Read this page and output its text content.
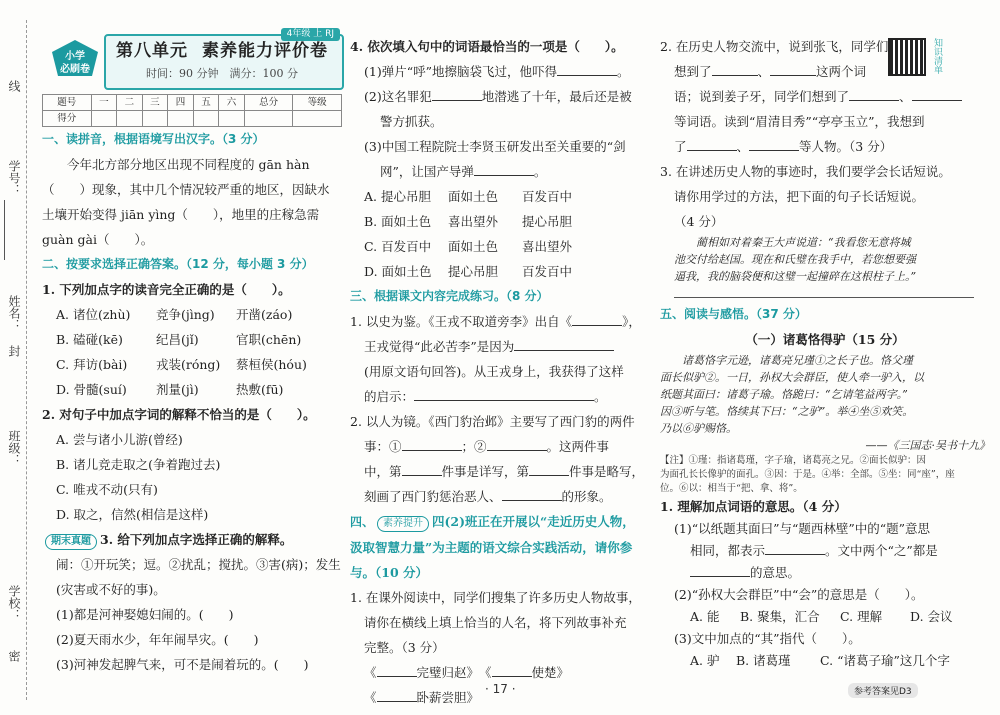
线
学号：
姓名：
封
班级：
学校：
密
小学
必刷卷
第八单元 素养能力评价卷
时间：90 分钟　满分：100 分
4年级 上 RJ
题号	一	二	三	四	五	六	总分	等级
得分								

一、读拼音，根据语境写出汉字。（3 分）

今年北方部分地区出现不同程度的 gān hàn

（　　）现象，其中几个情况较严重的地区，因缺水

土壤开始变得 jiān yìng（　　），地里的庄稼急需

guàn gài（　　）。

二、按要求选择正确答案。（12 分，每小题 3 分）

1. 下列加点字的读音完全正确的是（　　）。

A. 诸位(zhù) 竞争(jìng) 开凿(záo)
B. 磕碰(kē)	纪昌(jǐ)	官职(chēn)
C. 拜访(bài) 戎装(róng) 蔡桓侯(hóu)
D. 骨髓(suí) 剂量(jì)	热敷(fū)

2. 对句子中加点字词的解释不恰当的是（　　）。

A. 尝与诸小儿游(曾经)

B. 诸儿竞走取之(争着跑过去)

C. 唯戎不动(只有)

D. 取之，信然(相信是这样)

期末真题 3. 给下列加点字选择正确的解释。

闹：①开玩笑；逗。②扰乱；搅扰。③害(病)；发生

(灾害或不好的事)。

(1)都是河神娶媳妇闹的。(　　)

(2)夏天雨水少，年年闹旱灾。(　　)

(3)河神发起脾气来，可不是闹着玩的。(　　)

4. 依次填入句中的词语最恰当的一项是（　　）。

(1)弹片“呼”地擦脑袋飞过，他吓得	。

(2)这名罪犯	地潜逃了十年，最后还是被

警方抓获。

(3)中国工程院院士李贤玉研发出至关重要的“剑

网”，让国产导弹	。

A. 提心吊胆 面如土色 百发百中
B. 面如土色 喜出望外 提心吊胆
C. 百发百中 面如土色 喜出望外
D. 面如土色 提心吊胆 百发百中

三、根据课文内容完成练习。（8 分）

1. 以史为鉴。《王戎不取道旁李》出自《	》，

王戎觉得“此必苦李”是因为

(用原文语句回答)。从王戎身上，我获得了这样

的启示：	。

2. 以人为镜。《西门豹治邺》主要写了西门豹的两件

事：①	；②	。这两件事

中，第	件事是详写，第	件事是略写，

刻画了西门豹惩治恶人、	的形象。

四、 素养提升 四(2)班正在开展以“走近历史人物，

汲取智慧力量”为主题的语文综合实践活动，请你参

与。（10 分）

1. 在课外阅读中，同学们搜集了许多历史人物故事，

请你在横线上填上恰当的人名，将下列故事补充

完整。（3 分）

《	完璧归赵》　《	使楚》

《	卧薪尝胆》

2. 在历史人物交流中，说到张飞，同学们

想到了	、	这两个词

语；说到姜子牙，同学们想到了	、

等词语。读到“眉清目秀”“亭亭玉立”，我想到

了	、	等人物。（3 分）

3. 在讲述历史人物的事迹时，我们要学会长话短说。

请你用学过的方法，把下面的句子长话短说。

（4 分）

蔺相如对着秦王大声说道：“我看您无意将城

池交付给赵国。现在和氏璧在我手中，若您想要强

逼我，我的脑袋便和这璧一起撞碎在这根柱子上。”

五、阅读与感悟。（37 分）

（一）诸葛恪得驴（15 分）

诸葛恪字元逊，诸葛亮兄瑾①之长子也。恪父瑾

面长似驴②。一日，孙权大会群臣，使人牵一驴入，以

纸题其面曰：诸葛子瑜。恪跪曰：“乞请笔益两字。”

因③听与笔。恪续其下曰：“之驴”。举④坐⑤欢笑。

乃以⑥驴赐恪。

——《三国志·吴书十九》

【注】①瑾：指诸葛瑾，字子瑜，诸葛亮之兄。②面长似驴：因

为面孔长长像驴的面孔。③因：于是。④举：全部。⑤坐：同“座”，座

位。⑥以：相当于“把、拿、将”。

1. 理解加点词语的意思。（4 分）

(1)“以纸题其面曰”与“题西林壁”中的“题”意思

相同，都表示	。文中两个“之”都是

的意思。

(2)“孙权大会群臣”中“会”的意思是（　　）。

A. 能 B. 聚集，汇合 C. 理解 D. 会议

(3)文中加点的“其”指代（　　）。

A. 驴 B. 诸葛瑾 C. “诸葛子瑜”这几个字
知识清单
· 17 ·	参考答案见D3
